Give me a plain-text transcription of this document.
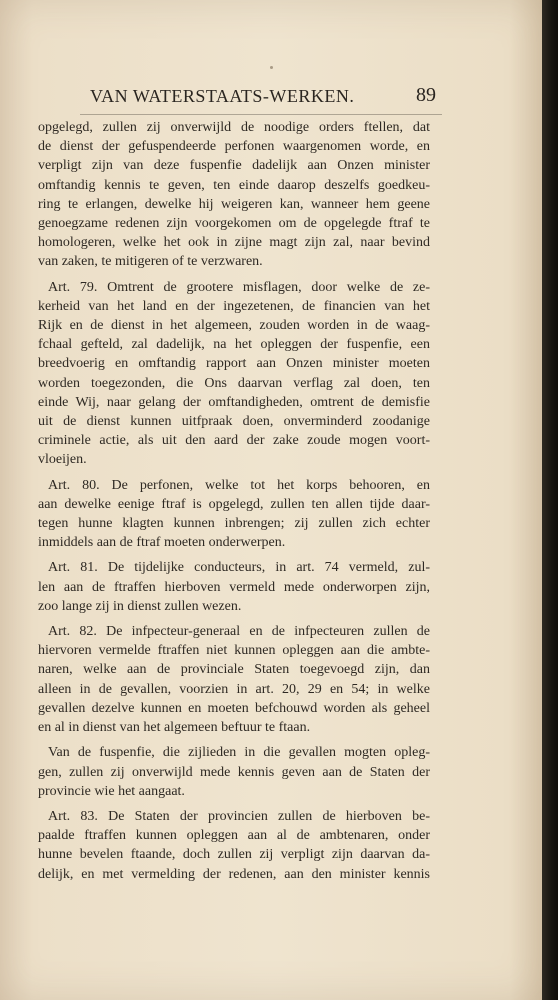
VAN WATERSTAATS-WERKEN.	89
opgelegd, zullen zij onverwijld de noodige orders ftellen, dat
de dienst der gefuspendeerde perfonen waargenomen worde, en
verpligt zijn van deze fuspenfie dadelijk aan Onzen minister
omftandig kennis te geven, ten einde daarop deszelfs goedkeu-
ring te erlangen, dewelke hij weigeren kan, wanneer hem geene
genoegzame redenen zijn voorgekomen om de opgelegde ftraf te
homologeren, welke het ook in zijne magt zijn zal, naar bevind
van zaken, te mitigeren of te verzwaren.
Art. 79. Omtrent de grootere misflagen, door welke de ze-
kerheid van het land en der ingezetenen, de financien van het
Rijk en de dienst in het algemeen, zouden worden in de waag-
fchaal gefteld, zal dadelijk, na het opleggen der fuspenfie, een
breedvoerig en omftandig rapport aan Onzen minister moeten
worden toegezonden, die Ons daarvan verflag zal doen, ten
einde Wij, naar gelang der omftandigheden, omtrent de demisfie
uit de dienst kunnen uitfpraak doen, onverminderd zoodanige
criminele actie, als uit den aard der zake zoude mogen voort-
vloeijen.
Art. 80. De perfonen, welke tot het korps behooren, en
aan dewelke eenige ftraf is opgelegd, zullen ten allen tijde daar-
tegen hunne klagten kunnen inbrengen; zij zullen zich echter
inmiddels aan de ftraf moeten onderwerpen.
Art. 81. De tijdelijke conducteurs, in art. 74 vermeld, zul-
len aan de ftraffen hierboven vermeld mede onderworpen zijn,
zoo lange zij in dienst zullen wezen.
Art. 82. De infpecteur-generaal en de infpecteuren zullen de
hiervoren vermelde ftraffen niet kunnen opleggen aan die ambte-
naren, welke aan de provinciale Staten toegevoegd zijn, dan
alleen in de gevallen, voorzien in art. 20, 29 en 54; in welke
gevallen dezelve kunnen en moeten befchouwd worden als geheel
en al in dienst van het algemeen beftuur te ftaan.
Van de fuspenfie, die zijlieden in die gevallen mogten opleg-
gen, zullen zij onverwijld mede kennis geven aan de Staten der
provincie wie het aangaat.
Art. 83. De Staten der provincien zullen de hierboven be-
paalde ftraffen kunnen opleggen aan al de ambtenaren, onder
hunne bevelen ftaande, doch zullen zij verpligt zijn daarvan da-
delijk, en met vermelding der redenen, aan den minister kennis
